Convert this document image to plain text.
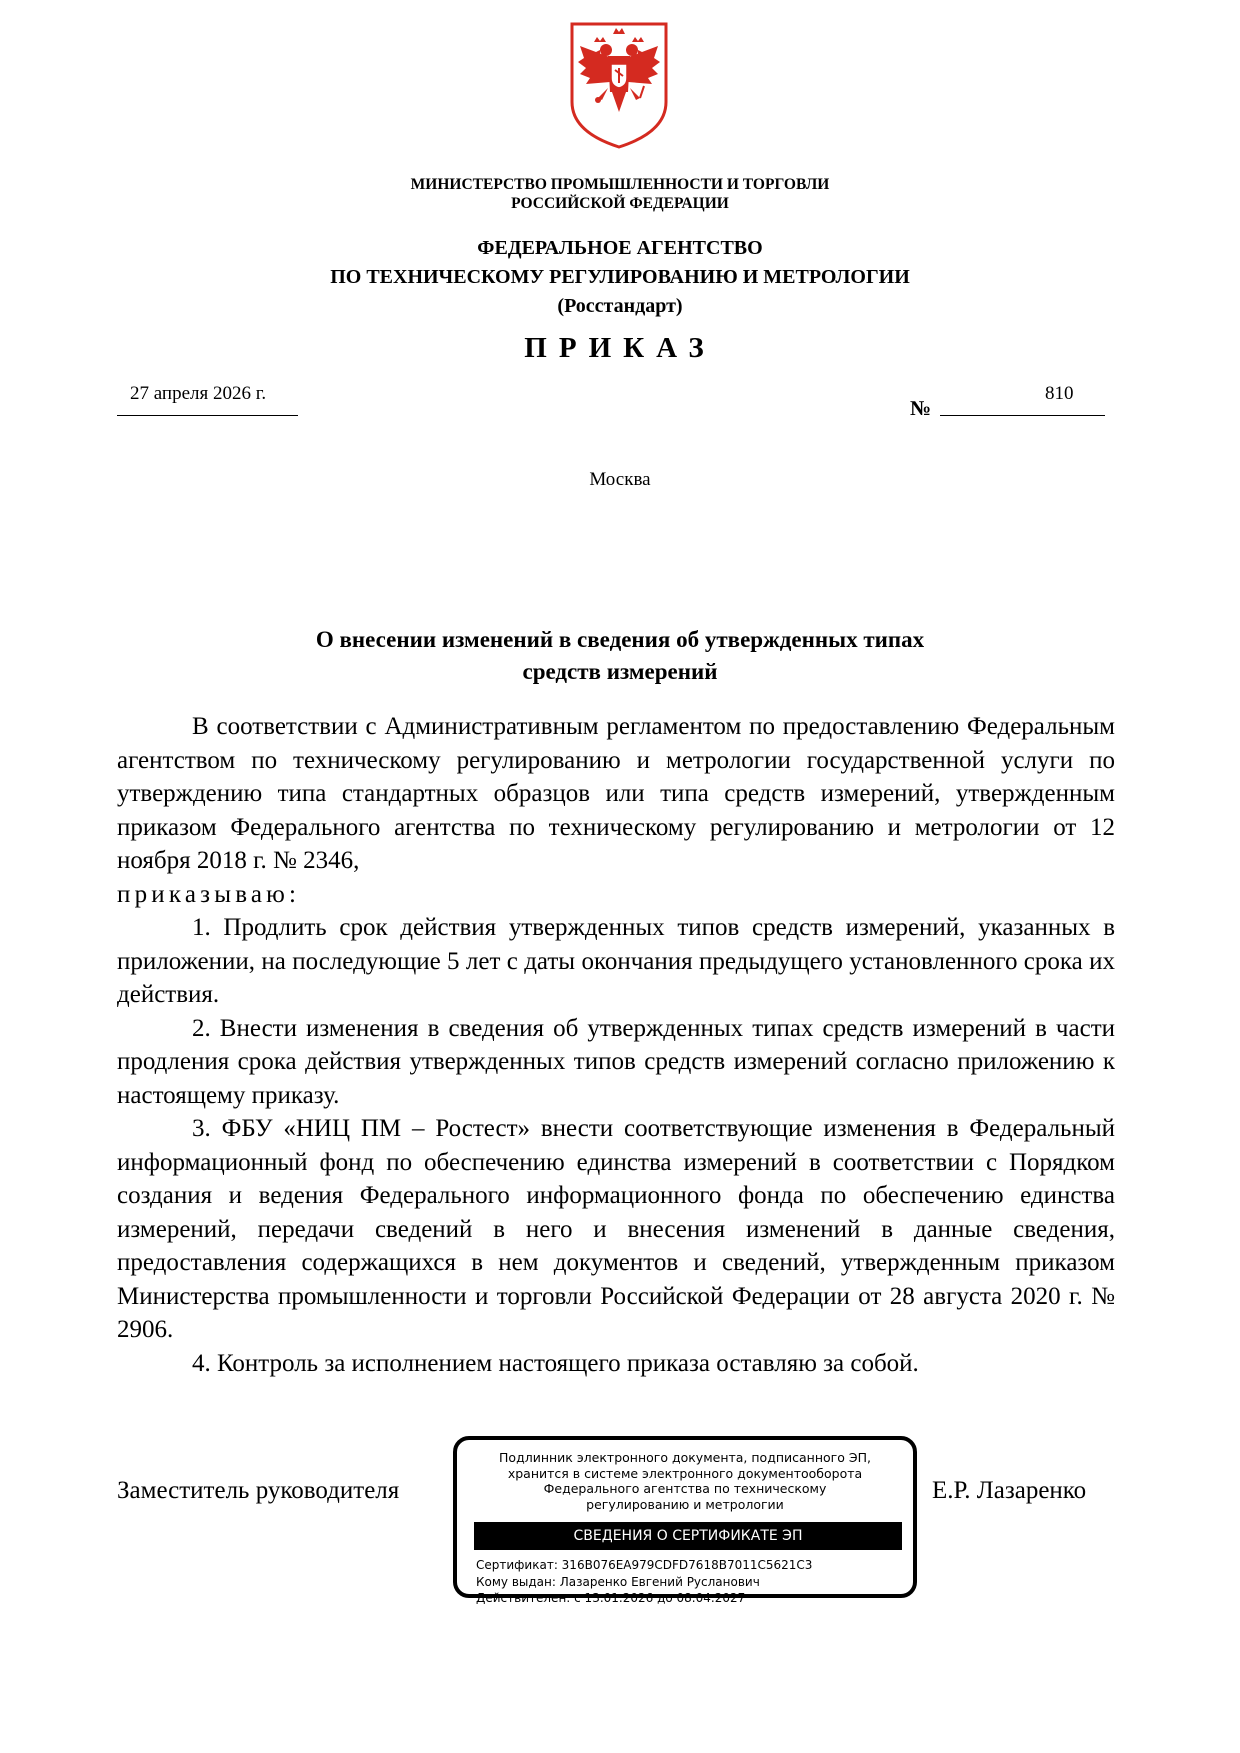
МИНИСТЕРСТВО ПРОМЫШЛЕННОСТИ И ТОРГОВЛИ
РОССИЙСКОЙ ФЕДЕРАЦИИ
ФЕДЕРАЛЬНОЕ АГЕНТСТВО
ПО ТЕХНИЧЕСКОМУ РЕГУЛИРОВАНИЮ И МЕТРОЛОГИИ
(Росстандарт)
ПРИКАЗ
27 апреля 2026 г.
№
810
Москва
О внесении изменений в сведения об утвержденных типах
средств измерений

В соответствии с Административным регламентом по предоставлению Федеральным агентством по техническому регулированию и метрологии государственной услуги по утверждению типа стандартных образцов или типа средств измерений, утвержденным приказом Федерального агентства по техническому регулированию и метрологии от 12 ноября 2018 г. № 2346,

приказываю:

1. Продлить срок действия утвержденных типов средств измерений, указанных в приложении, на последующие 5 лет с даты окончания предыдущего установленного срока их действия.

2. Внести изменения в сведения об утвержденных типах средств измерений в части продления срока действия утвержденных типов средств измерений согласно приложению к настоящему приказу.

3. ФБУ «НИЦ ПМ – Ростест» внести соответствующие изменения в Федеральный информационный фонд по обеспечению единства измерений в соответствии с Порядком создания и ведения Федерального информационного фонда по обеспечению единства измерений, передачи сведений в него и внесения изменений в данные сведения, предоставления содержащихся в нем документов и сведений, утвержденным приказом Министерства промышленности и торговли Российской Федерации от 28 августа 2020 г. № 2906.

4. Контроль за исполнением настоящего приказа оставляю за собой.

Заместитель руководителя	Е.Р. Лазаренко
Подлинник электронного документа, подписанного ЭП,
хранится в системе электронного документооборота
Федерального агентства по техническому
регулированию и метрологии
СВЕДЕНИЯ О СЕРТИФИКАТЕ ЭП
Сертификат: 316B076EA979CDFD7618B7011C5621C3
Кому выдан: Лазаренко Евгений Русланович
Действителен: с 13.01.2026 до 08.04.2027
